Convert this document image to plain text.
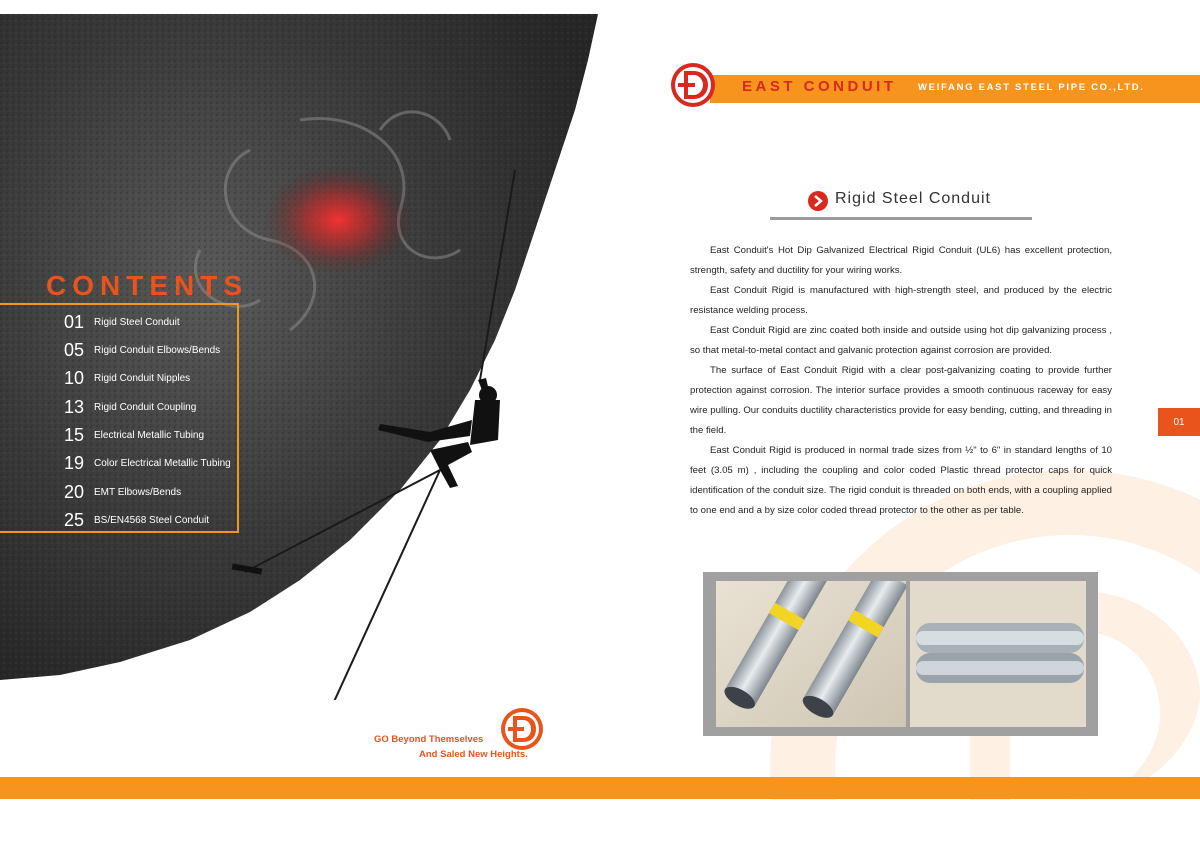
CONTENTS
01 Rigid Steel Conduit
05 Rigid Conduit Elbows/Bends
10 Rigid Conduit Nipples
13 Rigid Conduit Coupling
15 Electrical Metallic Tubing
19 Color Electrical Metallic Tubing
20 EMT Elbows/Bends
25 BS/EN4568 Steel Conduit
GO Beyond Themselves
And Saled New Heights.
EAST CONDUIT WEIFANG EAST STEEL PIPE CO.,LTD.
Rigid Steel Conduit

East Conduit's Hot Dip Galvanized Electrical Rigid Conduit (UL6) has excellent protection, strength, safety and ductility for your wiring works.

East Conduit Rigid is manufactured with high-strength steel, and produced by the electric resistance welding process.

East Conduit Rigid are zinc coated both inside and outside using hot dip galvanizing process , so that metal-to-metal contact and galvanic protection against corrosion are provided.

The surface of East Conduit Rigid with a clear post-galvanizing coating to provide further protection against corrosion. The interior surface provides a smooth continuous raceway for easy wire pulling. Our conduits ductility characteristics provide for easy bending, cutting, and threading in the field.

East Conduit Rigid is produced in normal trade sizes from ½" to 6" in standard lengths of 10 feet (3.05 m) , including the coupling and color coded Plastic thread protector caps for quick identification of the conduit size. The rigid conduit is threaded on both ends, with a coupling applied to one end and a by size color coded thread protector to the other as per table.

01
